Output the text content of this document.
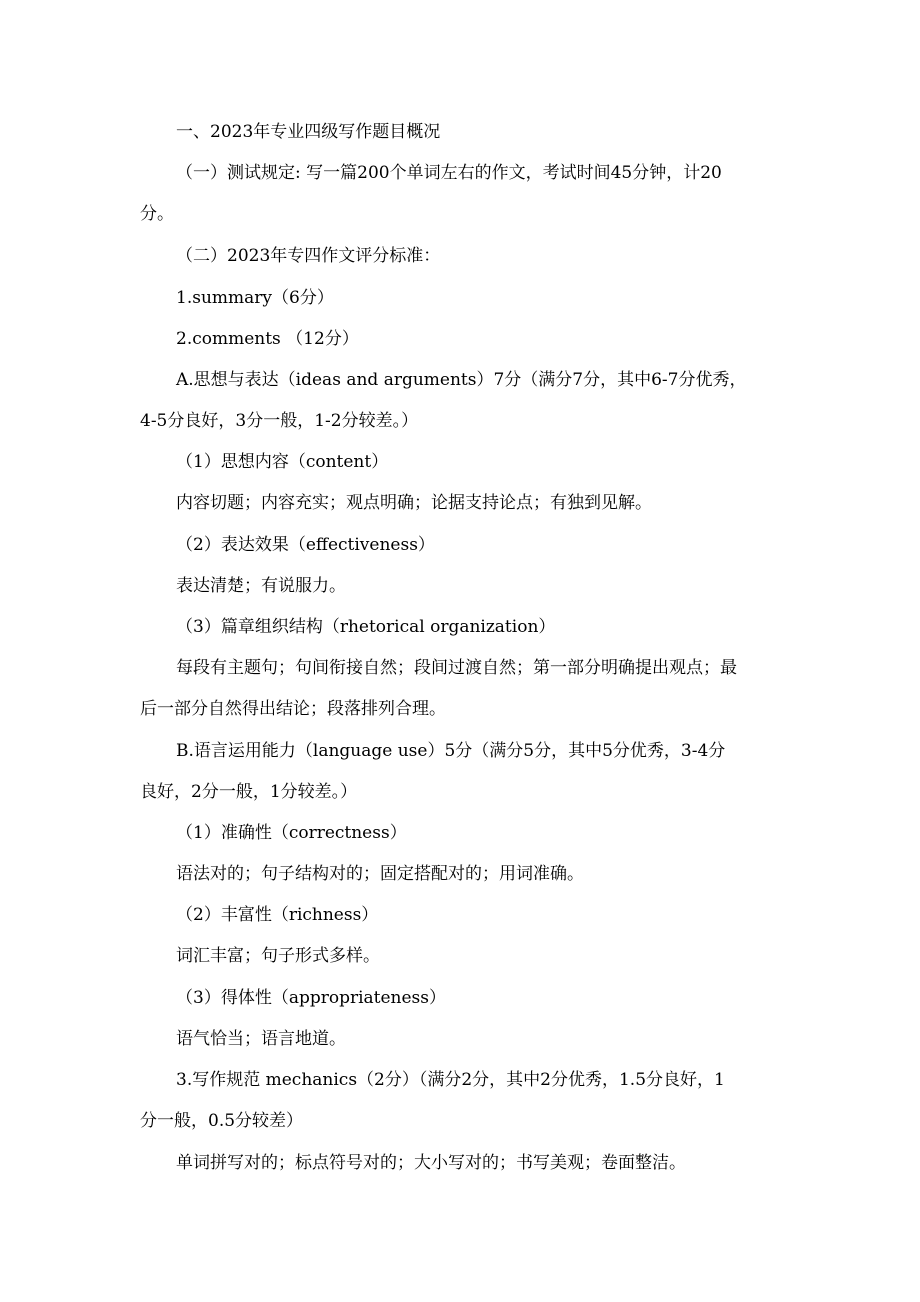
一、2023年专业四级写作题目概况
（一）测试规定: 写一篇200个单词左右的作文，考试时间45分钟，计20
分。
（二）2023年专四作文评分标准：
1.summary（6分）
2.comments （12分）
A.思想与表达（ideas and arguments）7分（满分7分，其中6-7分优秀，
4-5分良好，3分一般，1-2分较差。）
（1）思想内容（content）
内容切题；内容充实；观点明确；论据支持论点；有独到见解。
（2）表达效果（effectiveness）
表达清楚；有说服力。
（3）篇章组织结构（rhetorical organization）
每段有主题句；句间衔接自然；段间过渡自然；第一部分明确提出观点；最
后一部分自然得出结论；段落排列合理。
B.语言运用能力（language use）5分（满分5分，其中5分优秀，3-4分
良好，2分一般，1分较差。）
（1）准确性（correctness）
语法对的；句子结构对的；固定搭配对的；用词准确。
（2）丰富性（richness）
词汇丰富；句子形式多样。
（3）得体性（appropriateness）
语气恰当；语言地道。
3.写作规范 mechanics（2分）（满分2分，其中2分优秀，1.5分良好，1
分一般，0.5分较差）
单词拼写对的；标点符号对的；大小写对的；书写美观；卷面整洁。
